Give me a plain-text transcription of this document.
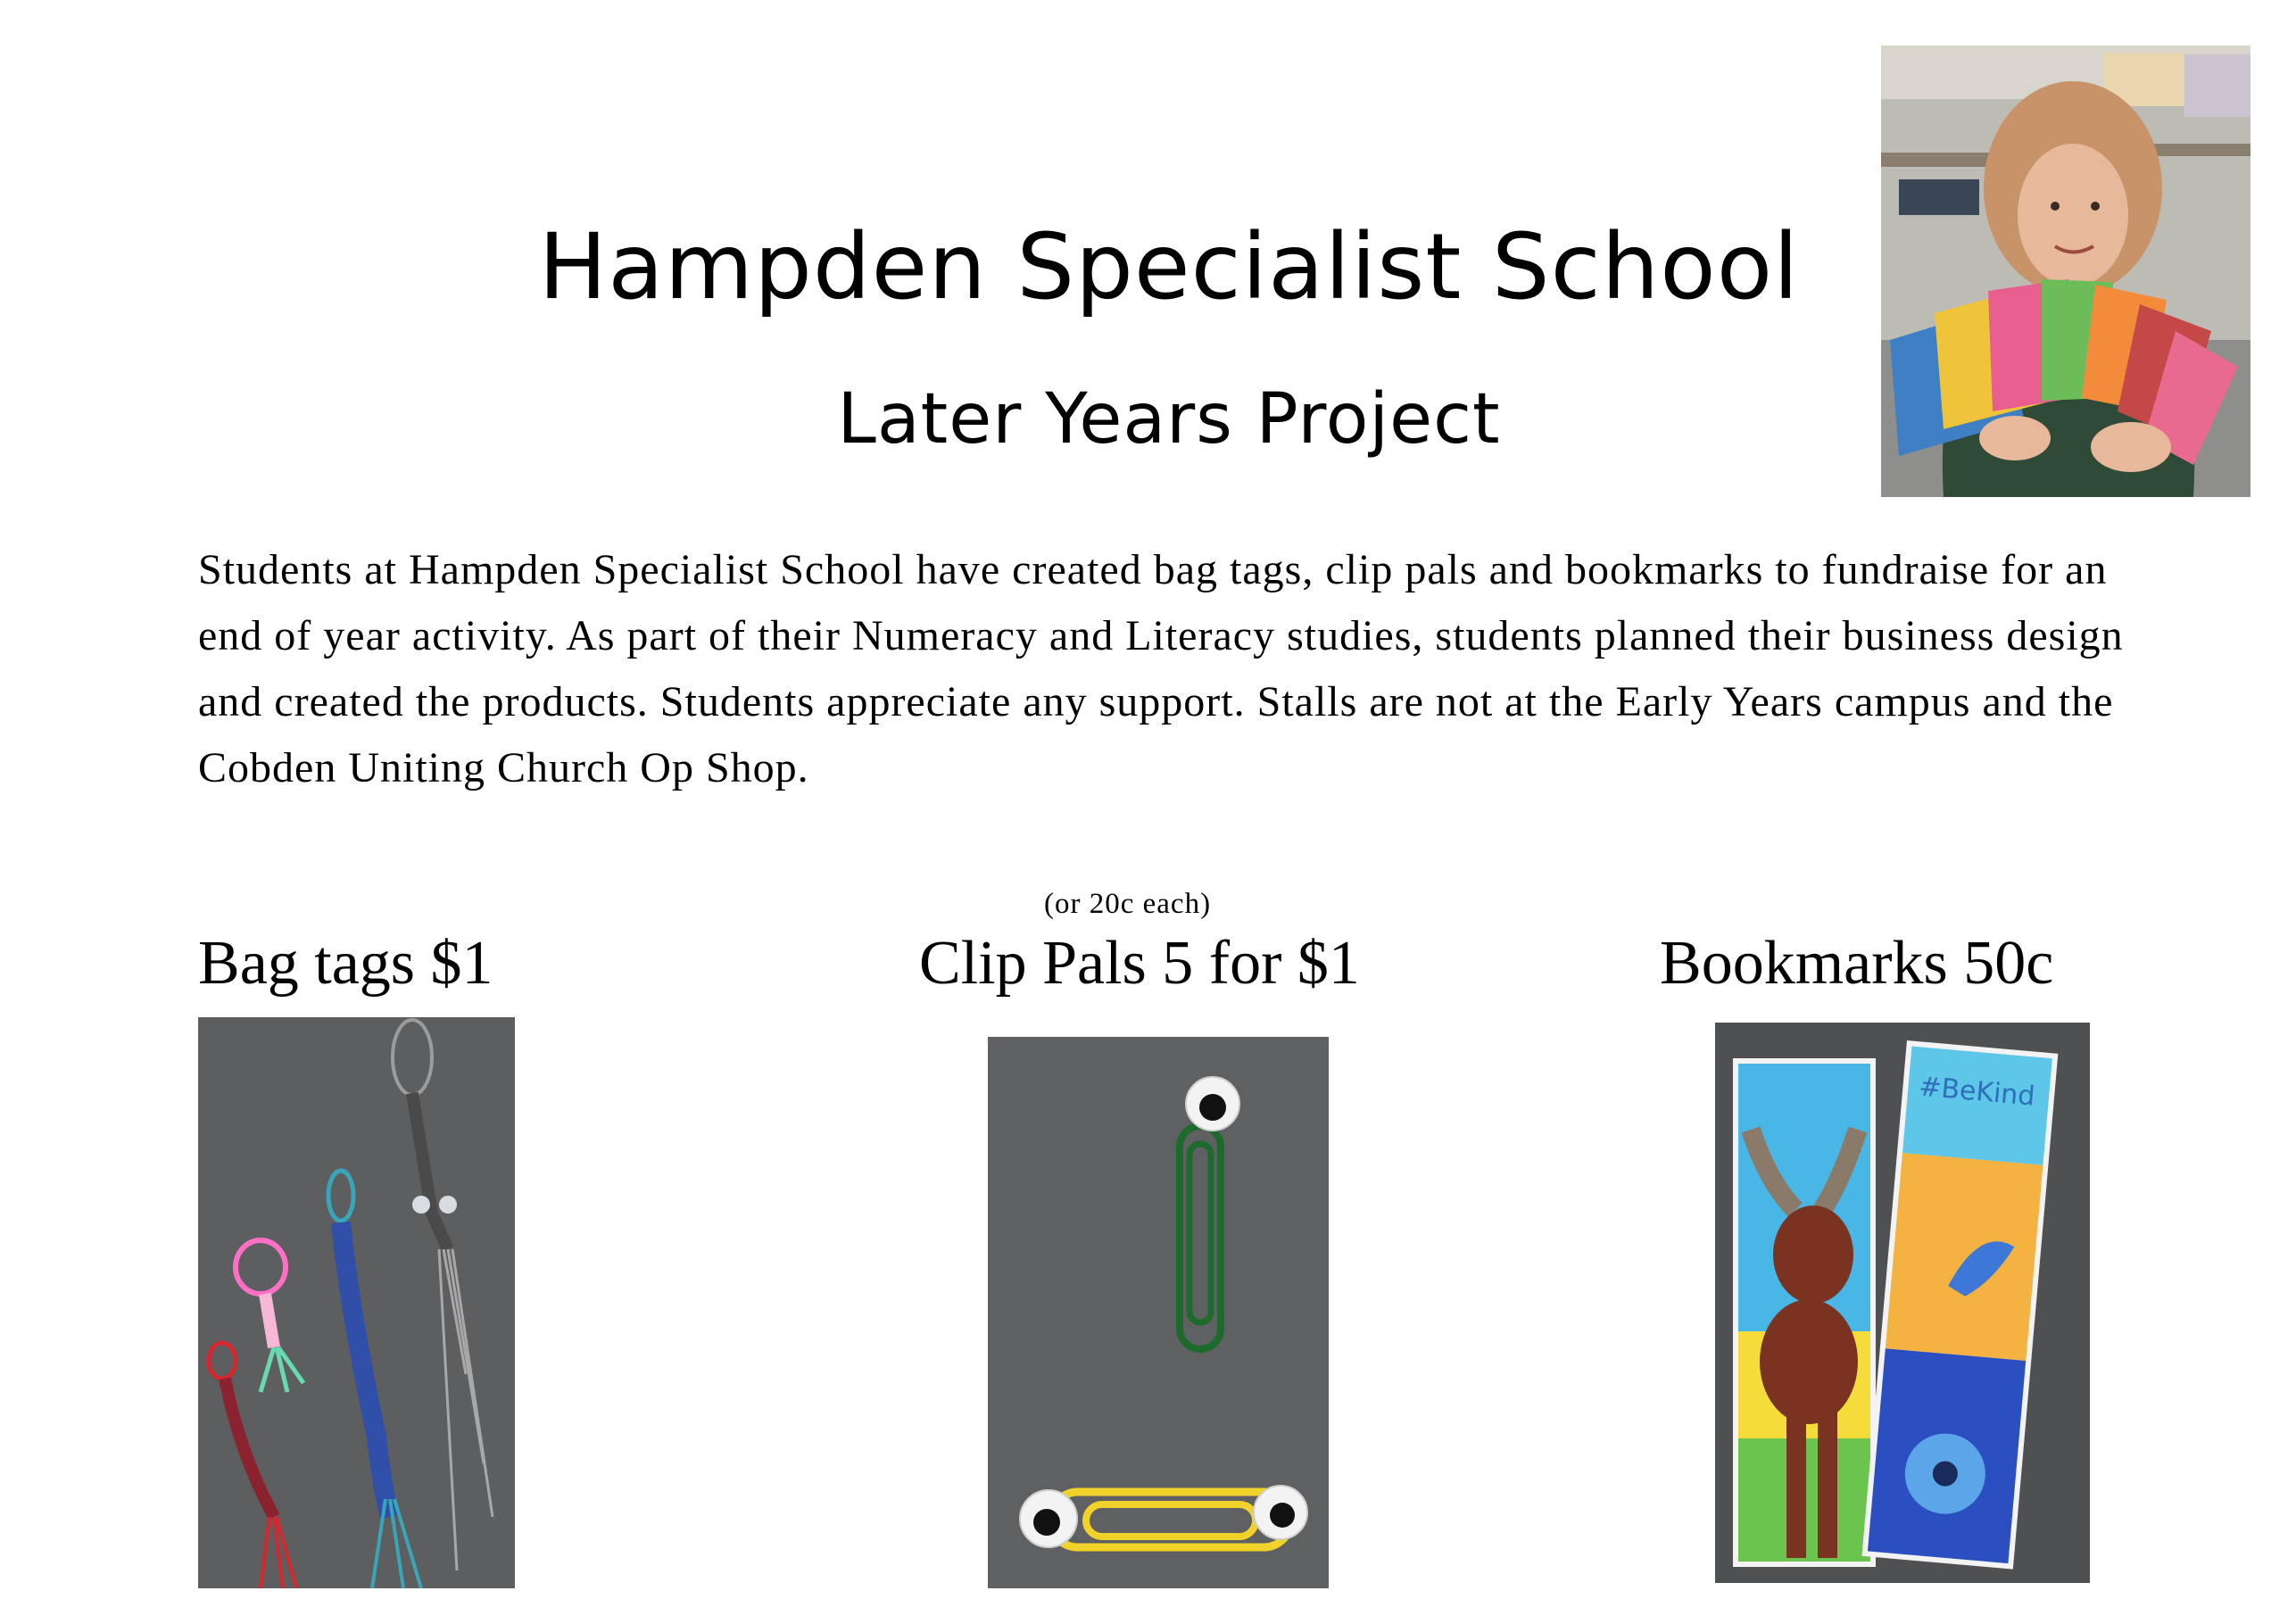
Hampden Specialist School
Later Years Project

Students at Hampden Specialist School have created bag tags, clip pals and bookmarks to fundraise for an end of year activity. As part of their Numeracy and Literacy studies, students planned their business design and created the products. Students appreciate any support. Stalls are not at the Early Years campus and the Cobden Uniting Church Op Shop.

(or 20c each)
Bag tags $1	Clip Pals 5 for $1	Bookmarks 50c
#BeKind
